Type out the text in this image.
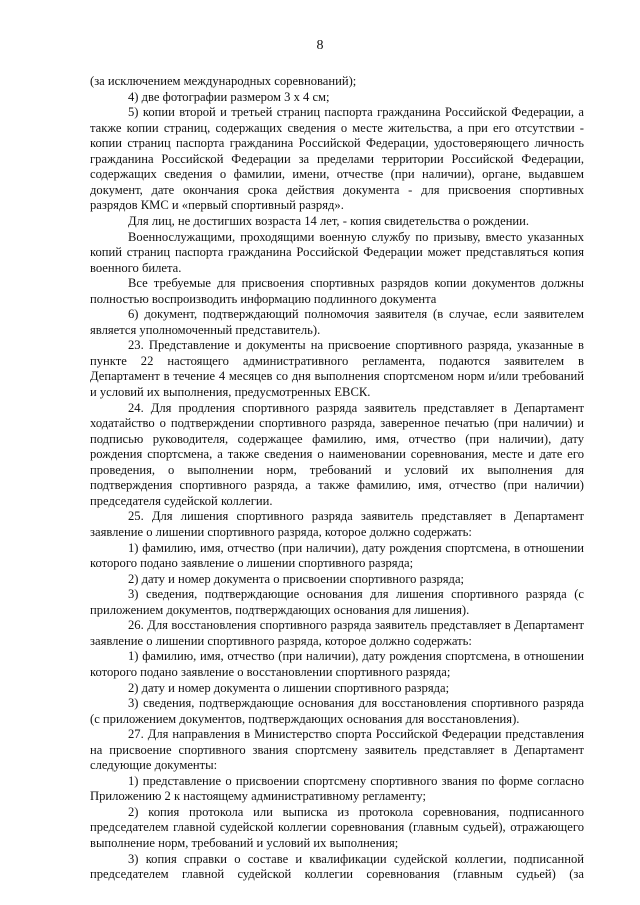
8
(за исключением международных соревнований);
4) две фотографии размером 3 х 4 см;
5) копии второй и третьей страниц паспорта гражданина Российской Федерации, а
также копии страниц, содержащих сведения о месте жительства, а при его отсутствии -
копии страниц паспорта гражданина Российской Федерации, удостоверяющего личность
гражданина Российской Федерации за пределами территории Российской Федерации,
содержащих сведения о фамилии, имени, отчестве (при наличии), органе, выдавшем
документ, дате окончания срока действия документа - для присвоения спортивных
разрядов КМС и «первый спортивный разряд».
Для лиц, не достигших возраста 14 лет, - копия свидетельства о рождении.
Военнослужащими, проходящими военную службу по призыву, вместо указанных
копий страниц паспорта гражданина Российской Федерации может представляться копия
военного билета.
Все требуемые для присвоения спортивных разрядов копии документов должны
полностью воспроизводить информацию подлинного документа
6) документ, подтверждающий полномочия заявителя (в случае, если заявителем
является уполномоченный представитель).
23. Представление и документы на присвоение спортивного разряда, указанные в
пункте 22 настоящего административного регламента, подаются заявителем в
Департамент в течение 4 месяцев со дня выполнения спортсменом норм и/или требований
и условий их выполнения, предусмотренных ЕВСК.
24. Для продления спортивного разряда заявитель представляет в Департамент
ходатайство о подтверждении спортивного разряда, заверенное печатью (при наличии) и
подписью руководителя, содержащее фамилию, имя, отчество (при наличии), дату
рождения спортсмена, а также сведения о наименовании соревнования, месте и дате его
проведения, о выполнении норм, требований и условий их выполнения для
подтверждения спортивного разряда, а также фамилию, имя, отчество (при наличии)
председателя судейской коллегии.
25. Для лишения спортивного разряда заявитель представляет в Департамент
заявление о лишении спортивного разряда, которое должно содержать:
1) фамилию, имя, отчество (при наличии), дату рождения спортсмена, в отношении
которого подано заявление о лишении спортивного разряда;
2) дату и номер документа о присвоении спортивного разряда;
3) сведения, подтверждающие основания для лишения спортивного разряда (с
приложением документов, подтверждающих основания для лишения).
26. Для восстановления спортивного разряда заявитель представляет в Департамент
заявление о лишении спортивного разряда, которое должно содержать:
1) фамилию, имя, отчество (при наличии), дату рождения спортсмена, в отношении
которого подано заявление о восстановлении спортивного разряда;
2) дату и номер документа о лишении спортивного разряда;
3) сведения, подтверждающие основания для восстановления спортивного разряда
(с приложением документов, подтверждающих основания для восстановления).
27. Для направления в Министерство спорта Российской Федерации представления
на присвоение спортивного звания спортсмену заявитель представляет в Департамент
следующие документы:
1) представление о присвоении спортсмену спортивного звания по форме согласно
Приложению 2 к настоящему административному регламенту;
2) копия протокола или выписка из протокола соревнования, подписанного
председателем главной судейской коллегии соревнования (главным судьей), отражающего
выполнение норм, требований и условий их выполнения;
3) копия справки о составе и квалификации судейской коллегии, подписанной
председателем главной судейской коллегии соревнования (главным судьей) (за
